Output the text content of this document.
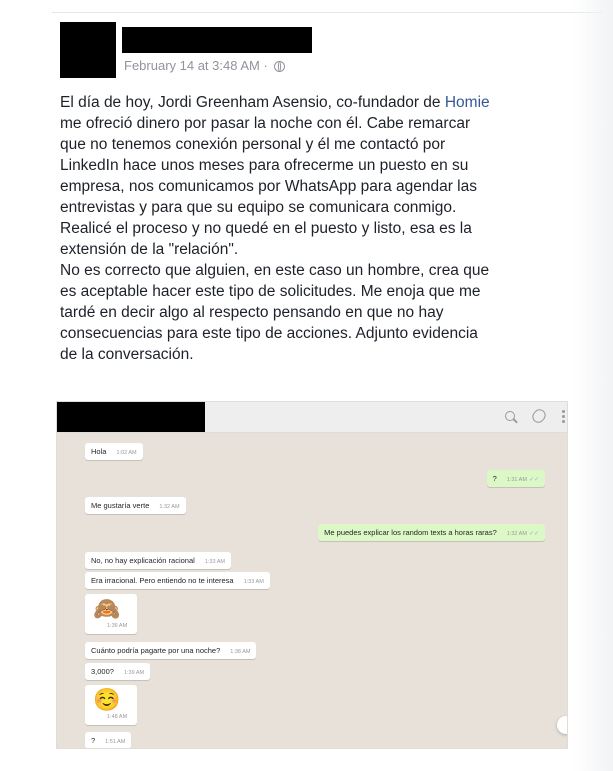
February 14 at 3:48 AM ·
El día de hoy, Jordi Greenham Asensio, co-fundador de Homie
me ofreció dinero por pasar la noche con él. Cabe remarcar
que no tenemos conexión personal y él me contactó por
LinkedIn hace unos meses para ofrecerme un puesto en su
empresa, nos comunicamos por WhatsApp para agendar las
entrevistas y para que su equipo se comunicara conmigo.
Realicé el proceso y no quedé en el puesto y listo, esa es la
extensión de la "relación".
No es correcto que alguien, en este caso un hombre, crea que
es aceptable hacer este tipo de solicitudes. Me enoja que me
tardé en decir algo al respecto pensando en que no hay
consecuencias para este tipo de acciones. Adjunto evidencia
de la conversación.
Hola 1:02 AM
? 1:31 AM ✓✓
Me gustaría verte 1:32 AM
Me puedes explicar los random texts a horas raras? 1:32 AM ✓✓
No, no hay explicación racional 1:33 AM
Era irracional. Pero entiendo no te interesa 1:33 AM
🙈
1:36 AM
Cuánto podría pagarte por una noche? 1:38 AM
3,000? 1:39 AM
☺️
1:48 AM
? 1:51 AM
